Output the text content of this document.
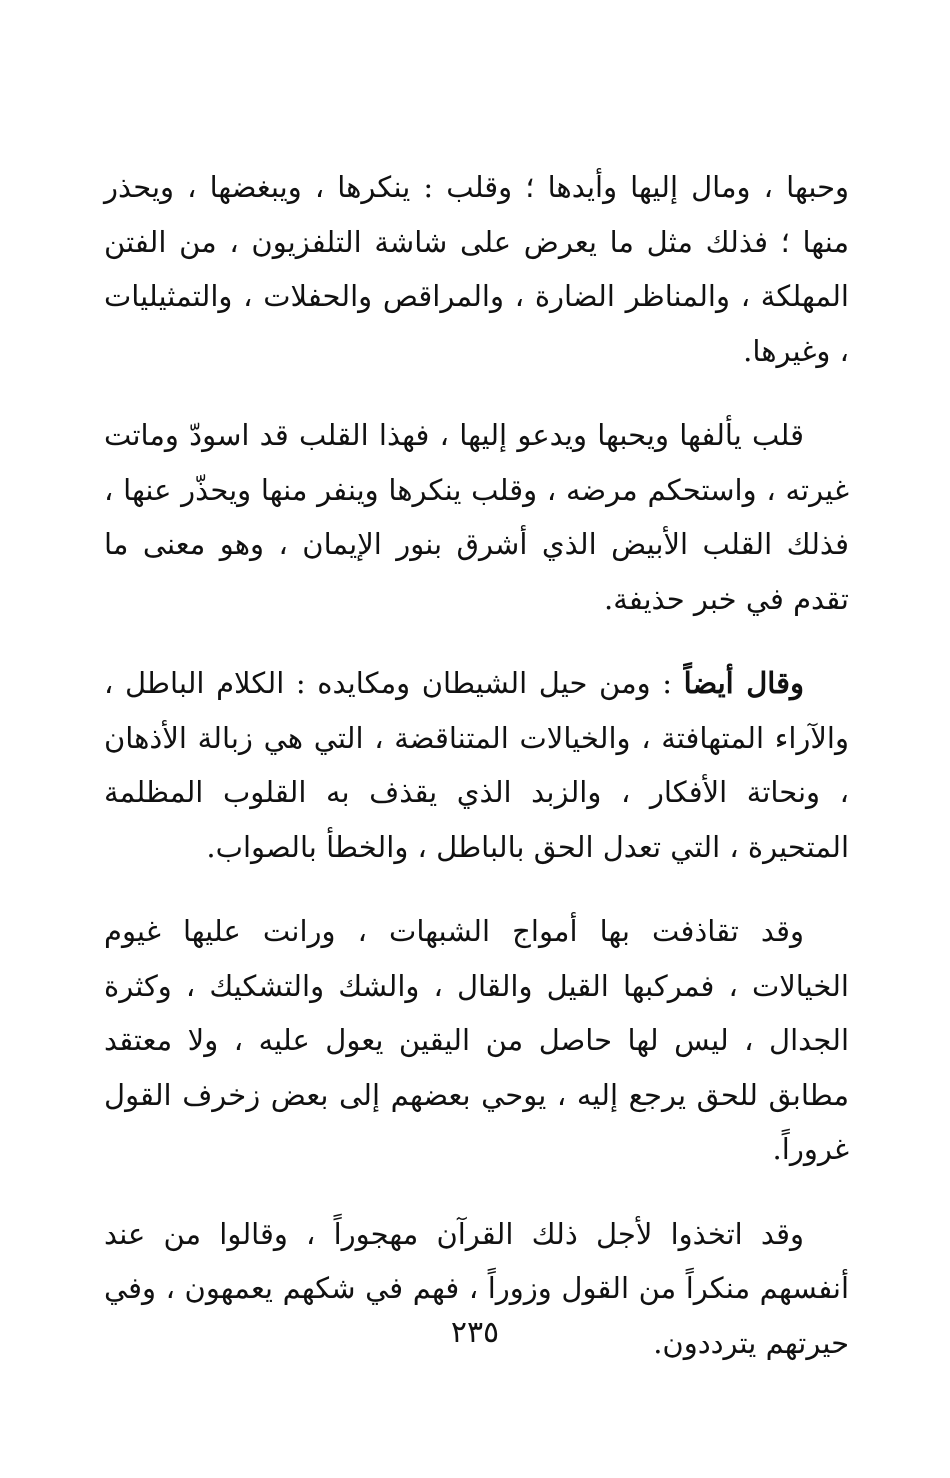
وحبها ، ومال إليها وأيدها ؛ وقلب : ينكرها ، ويبغضها ، ويحذر منها ؛ فذلك مثل ما يعرض على شاشة التلفزيون ، من الفتن المهلكة ، والمناظر الضارة ، والمراقص والحفلات ، والتمثيليات ، وغيرها.

قلب يألفها ويحبها ويدعو إليها ، فهذا القلب قد اسودّ وماتت غيرته ، واستحكم مرضه ، وقلب ينكرها وينفر منها ويحذّر عنها ، فذلك القلب الأبيض الذي أشرق بنور الإيمان ، وهو معنى ما تقدم في خبر حذيفة.

وقال أيضاً : ومن حيل الشيطان ومكايده : الكلام الباطل ، والآراء المتهافتة ، والخيالات المتناقضة ، التي هي زبالة الأذهان ، ونحاتة الأفكار ، والزبد الذي يقذف به القلوب المظلمة المتحيرة ، التي تعدل الحق بالباطل ، والخطأ بالصواب.

وقد تقاذفت بها أمواج الشبهات ، ورانت عليها غيوم الخيالات ، فمركبها القيل والقال ، والشك والتشكيك ، وكثرة الجدال ، ليس لها حاصل من اليقين يعول عليه ، ولا معتقد مطابق للحق يرجع إليه ، يوحي بعضهم إلى بعض زخرف القول غروراً.

وقد اتخذوا لأجل ذلك القرآن مهجوراً ، وقالوا من عند أنفسهم منكراً من القول وزوراً ، فهم في شكهم يعمهون ، وفي حيرتهم يترددون.

٢٣٥
